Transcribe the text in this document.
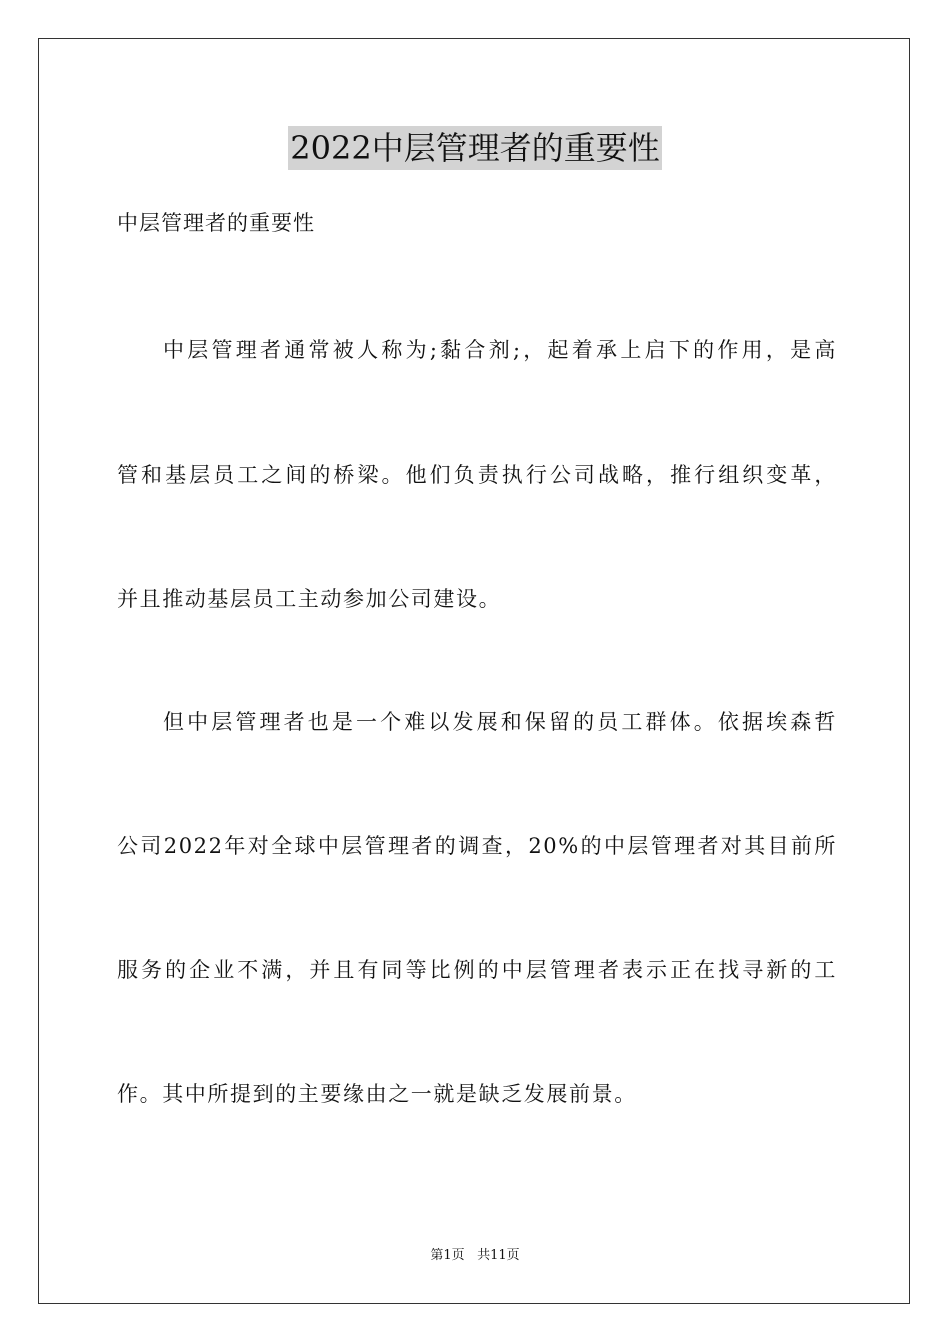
2022中层管理者的重要性

中层管理者的重要性

中层管理者通常被人称为;黏合剂;，起着承上启下的作用，是高

管和基层员工之间的桥梁。他们负责执行公司战略，推行组织变革，

并且推动基层员工主动参加公司建设。

但中层管理者也是一个难以发展和保留的员工群体。依据埃森哲

公司2022年对全球中层管理者的调查，20%的中层管理者对其目前所

服务的企业不满，并且有同等比例的中层管理者表示正在找寻新的工

作。其中所提到的主要缘由之一就是缺乏发展前景。

第1页 共11页
